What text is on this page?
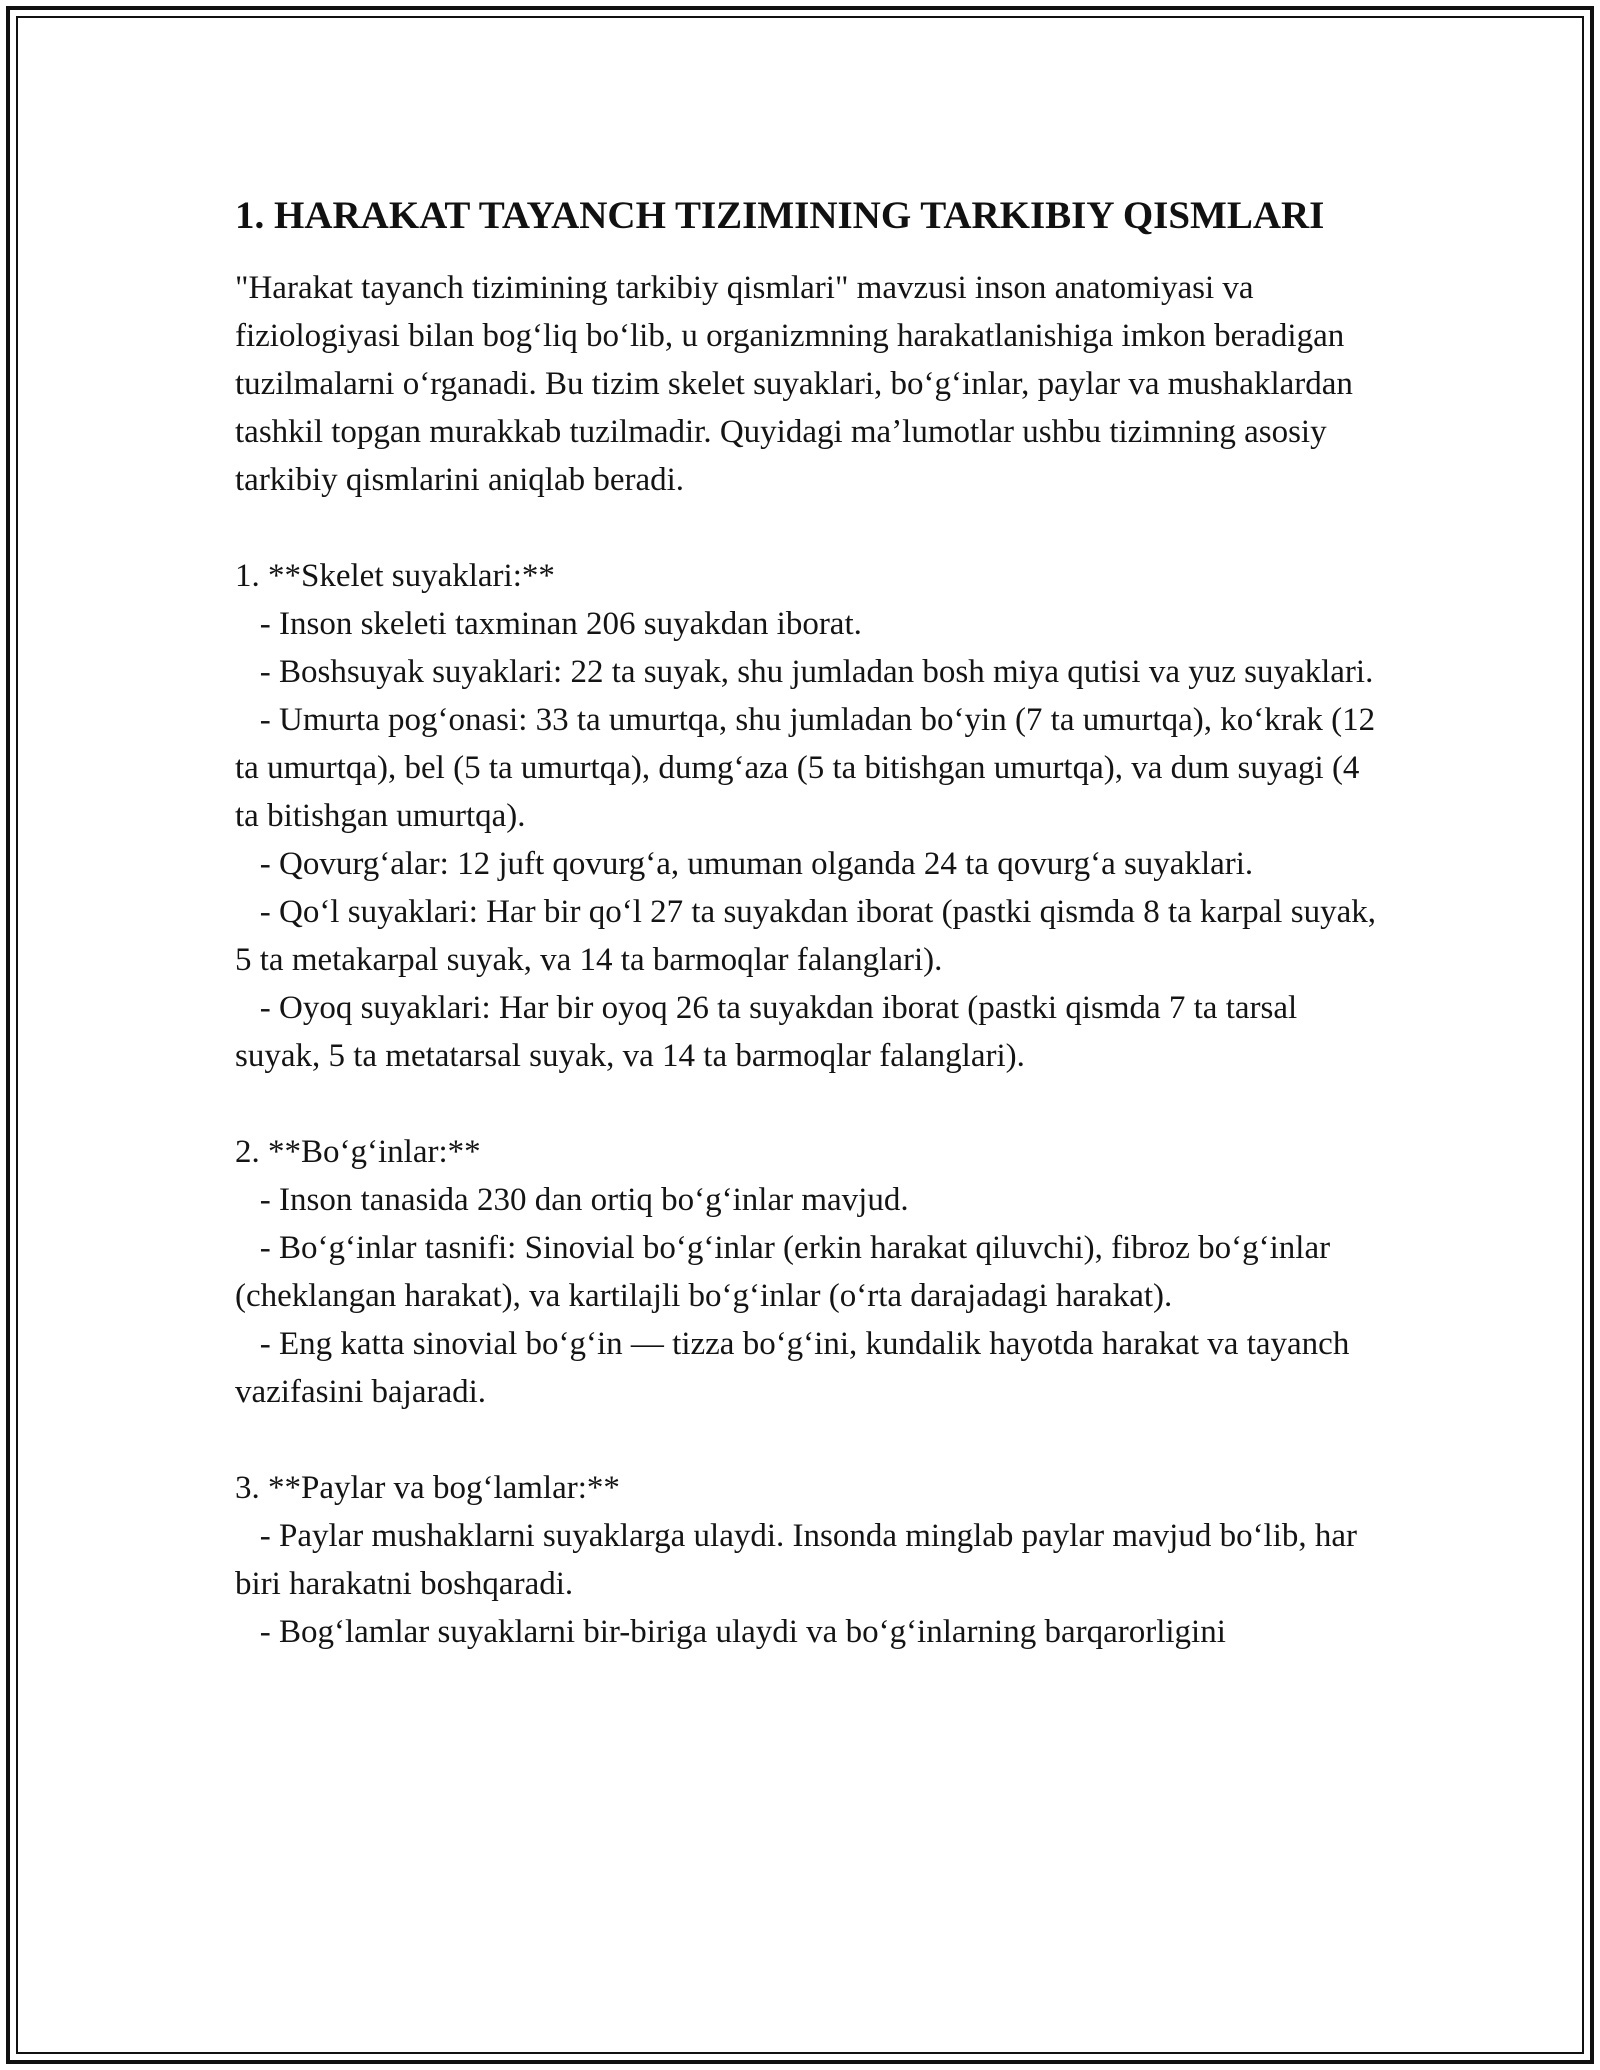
1. HARAKAT TAYANCH TIZIMINING TARKIBIY QISMLARI

"Harakat tayanch tizimining tarkibiy qismlari" mavzusi inson anatomiyasi va fiziologiyasi bilan bogʻliq boʻlib, u organizmning harakatlanishiga imkon beradigan tuzilmalarni oʻrganadi. Bu tizim skelet suyaklari, boʻgʻinlar, paylar va mushaklardan tashkil topgan murakkab tuzilmadir. Quyidagi maʼlumotlar ushbu tizimning asosiy tarkibiy qismlarini aniqlab beradi.

1. **Skelet suyaklari:**
- Inson skeleti taxminan 206 suyakdan iborat.
- Boshsuyak suyaklari: 22 ta suyak, shu jumladan bosh miya qutisi va yuz suyaklari.
- Umurta pogʻonasi: 33 ta umurtqa, shu jumladan boʻyin (7 ta umurtqa), koʻkrak (12 ta umurtqa), bel (5 ta umurtqa), dumgʻaza (5 ta bitishgan umurtqa), va dum suyagi (4 ta bitishgan umurtqa).
- Qovurgʻalar: 12 juft qovurgʻa, umuman olganda 24 ta qovurgʻa suyaklari.
- Qoʻl suyaklari: Har bir qoʻl 27 ta suyakdan iborat (pastki qismda 8 ta karpal suyak, 5 ta metakarpal suyak, va 14 ta barmoqlar falanglari).
- Oyoq suyaklari: Har bir oyoq 26 ta suyakdan iborat (pastki qismda 7 ta tarsal suyak, 5 ta metatarsal suyak, va 14 ta barmoqlar falanglari).
2. **Boʻgʻinlar:**
- Inson tanasida 230 dan ortiq boʻgʻinlar mavjud.
- Boʻgʻinlar tasnifi: Sinovial boʻgʻinlar (erkin harakat qiluvchi), fibroz boʻgʻinlar (cheklangan harakat), va kartilajli boʻgʻinlar (oʻrta darajadagi harakat).
- Eng katta sinovial boʻgʻin — tizza boʻgʻini, kundalik hayotda harakat va tayanch vazifasini bajaradi.
3. **Paylar va bogʻlamlar:**
- Paylar mushaklarni suyaklarga ulaydi. Insonda minglab paylar mavjud boʻlib, har biri harakatni boshqaradi.
- Bogʻlamlar suyaklarni bir-biriga ulaydi va boʻgʻinlarning barqarorligini
